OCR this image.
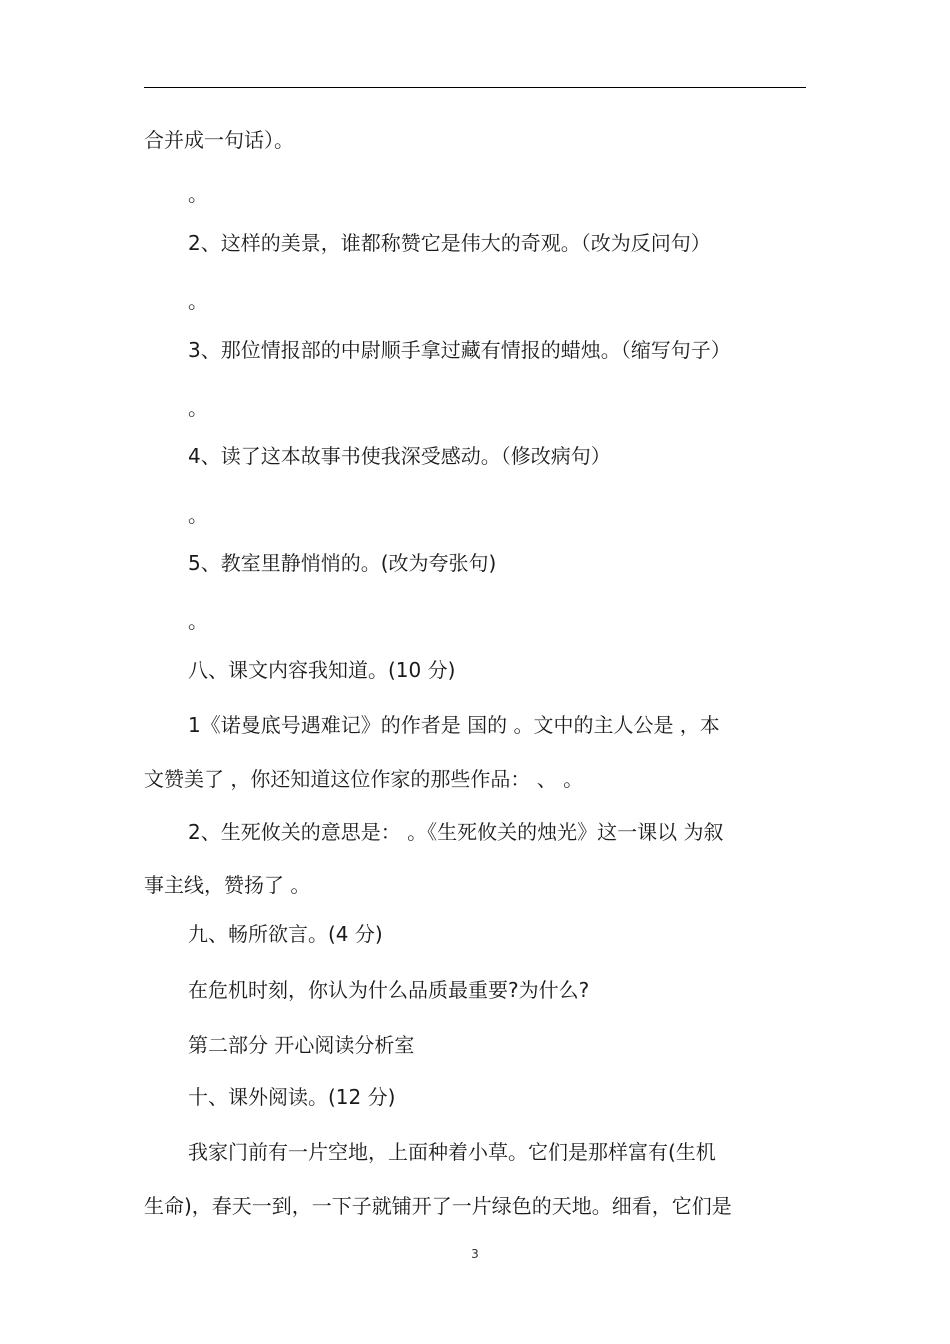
合并成一句话）。
。
2、这样的美景，谁都称赞它是伟大的奇观。（改为反问句）
。
3、那位情报部的中尉顺手拿过藏有情报的蜡烛。（缩写句子）
。
4、读了这本故事书使我深受感动。（修改病句）
。
5、教室里静悄悄的。(改为夸张句)
。
八、课文内容我知道。(10 分)
1《诺曼底号遇难记》的作者是 国的 。文中的主人公是 ，本
文赞美了 ，你还知道这位作家的那些作品： 、 。
2、生死攸关的意思是： 。《生死攸关的烛光》这一课以 为叙
事主线，赞扬了 。
九、畅所欲言。(4 分)
在危机时刻，你认为什么品质最重要?为什么?
第二部分 开心阅读分析室
十、课外阅读。(12 分)
我家门前有一片空地，上面种着小草。它们是那样富有(生机
生命)，春天一到，一下子就铺开了一片绿色的天地。细看，它们是
3
